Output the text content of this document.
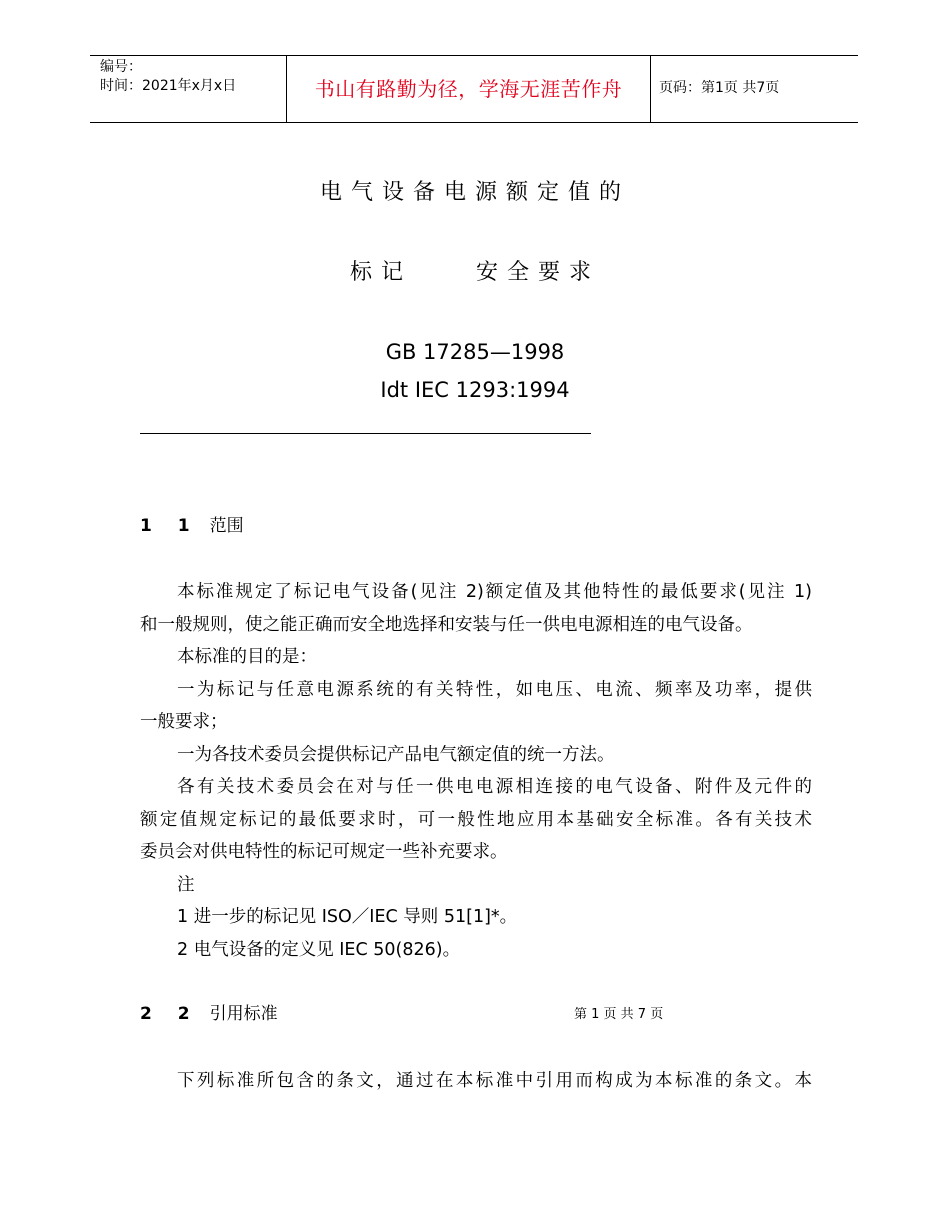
编号：
时间：2021年x月x日	书山有路勤为径，学海无涯苦作舟	页码：第1页 共7页
电气设备电源额定值的
标记    安全要求
GB 17285—1998
Idt IEC 1293:1994
1 1 范围

本标准规定了标记电气设备(见注 2)额定值及其他特性的最低要求(见注 1)

和一般规则，使之能正确而安全地选择和安装与任一供电电源相连的电气设备。

本标准的目的是：

一为标记与任意电源系统的有关特性，如电压、电流、频率及功率，提供

一般要求；

一为各技术委员会提供标记产品电气额定值的统一方法。

各有关技术委员会在对与任一供电电源相连接的电气设备、附件及元件的

额定值规定标记的最低要求时，可一般性地应用本基础安全标准。各有关技术

委员会对供电特性的标记可规定一些补充要求。

注

1 进一步的标记见 ISO／IEC 导则 51[1]*。

2 电气设备的定义见 IEC 50(826)。

2 2 引用标准	第 1 页 共 7 页
下列标准所包含的条文，通过在本标准中引用而构成为本标准的条文。本
